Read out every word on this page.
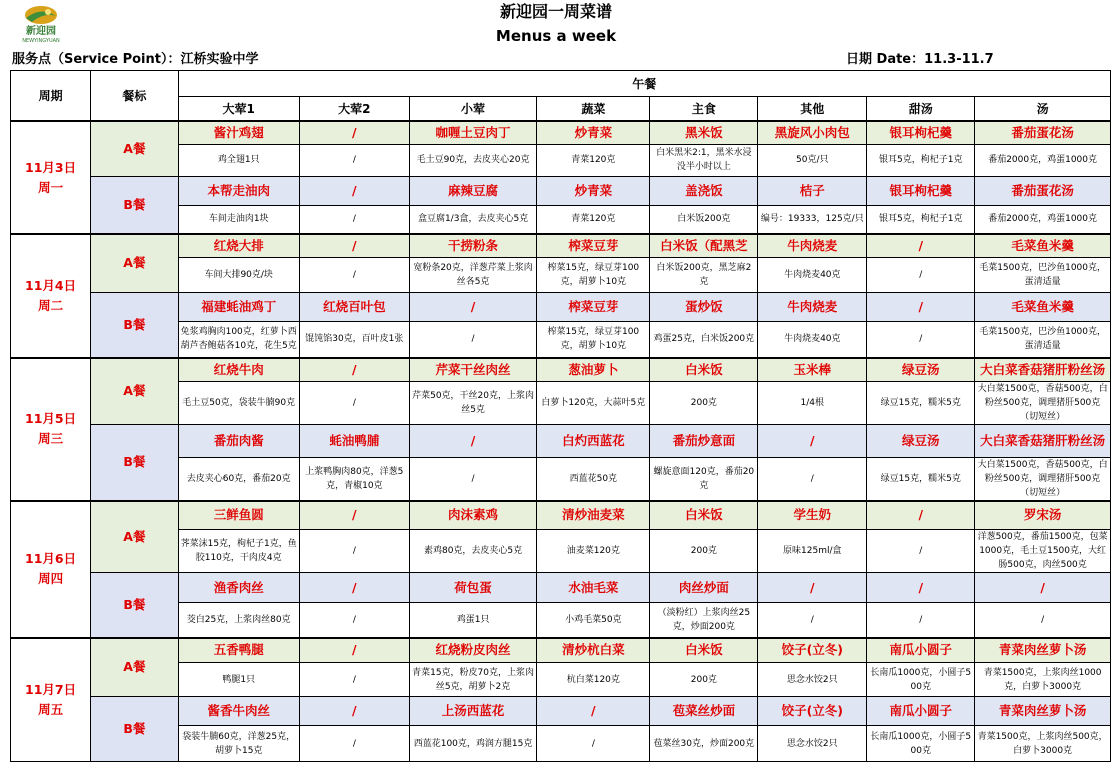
新迎园
NEWYINGYUAN
新迎园一周菜谱
Menus a week
服务点（Service Point）：江桥实验中学	日期 Date：11.3-11.7
周期	餐标	午餐							
		大荤1	大荤2	小荤	蔬菜	主食	其他	甜汤	汤

11月3日
周一	A餐	酱汁鸡翅	/	咖喱土豆肉丁	炒青菜	黑米饭	黑旋风小肉包	银耳枸杞羹	番茄蛋花汤
		鸡全翅1只	/	毛土豆90克，去皮夹心20克	青菜120克	白米黑米2:1，黑米水浸没半小时以上	50克/只	银耳5克，枸杞子1克	番茄2000克，鸡蛋1000克
	B餐	本帮走油肉	/	麻辣豆腐	炒青菜	盖浇饭	桔子	银耳枸杞羹	番茄蛋花汤
		车间走油肉1块	/	盒豆腐1/3盒，去皮夹心5克	青菜120克	白米饭200克	编号：19333，125克/只	银耳5克，枸杞子1克	番茄2000克，鸡蛋1000克

11月4日
周二	A餐	红烧大排	/	干捞粉条	榨菜豆芽	白米饭（配黑芝	牛肉烧麦	/	毛菜鱼米羹
		车间大排90克/块	/	宽粉条20克，洋葱芹菜上浆肉丝各5克	榨菜15克，绿豆芽100克，胡萝卜10克	白米饭200克，黑芝麻2克	牛肉烧麦40克	/	毛菜1500克，巴沙鱼1000克，蛋清适量
	B餐	福建蚝油鸡丁	红烧百叶包	/	榨菜豆芽	蛋炒饭	牛肉烧麦	/	毛菜鱼米羹
		免浆鸡胸肉100克，红萝卜西葫芦杏鲍菇各10克，花生5克	馄饨馅30克，百叶皮1张	/	榨菜15克，绿豆芽100克，胡萝卜10克	鸡蛋25克，白米饭200克	牛肉烧麦40克	/	毛菜1500克，巴沙鱼1000克，蛋清适量

11月5日
周三	A餐	红烧牛肉	/	芹菜干丝肉丝	葱油萝卜	白米饭	玉米棒	绿豆汤	大白菜香菇猪肝粉丝汤
		毛土豆50克，袋装牛腩90克	/	芹菜50克，干丝20克，上浆肉丝5克	白萝卜120克，大蒜叶5克	200克	1/4根	绿豆15克，糯米5克	大白菜1500克，香菇500克，白粉丝500克，调理猪肝500克（切短丝）
	B餐	番茄肉酱	蚝油鸭脯	/	白灼西蓝花	番茄炒意面	/	绿豆汤	大白菜香菇猪肝粉丝汤
		去皮夹心60克，番茄20克	上浆鸭胸肉80克，洋葱5克，青椒10克	/	西蓝花50克	螺旋意面120克，番茄20克	/	绿豆15克，糯米5克	大白菜1500克，香菇500克，白粉丝500克，调理猪肝500克（切短丝）

11月6日
周四	A餐	三鲜鱼圆	/	肉沫素鸡	清炒油麦菜	白米饭	学生奶	/	罗宋汤
		荠菜沫15克，枸杞子1克，鱼胶110克，干肉皮4克	/	素鸡80克，去皮夹心5克	油麦菜120克	200克	原味125ml/盒	/	洋葱500克，番茄1500克，包菜1000克，毛土豆1500克，大红肠500克，肉丝500克
	B餐	渔香肉丝	/	荷包蛋	水油毛菜	肉丝炒面	/	/	/
		茭白25克，上浆肉丝80克	/	鸡蛋1只	小鸡毛菜50克	（淡粉红）上浆肉丝25克，炒面200克	/	/	/

11月7日
周五	A餐	五香鸭腿	/	红烧粉皮肉丝	清炒杭白菜	白米饭	饺子(立冬)	南瓜小圆子	青菜肉丝萝卜汤
		鸭腿1只	/	青菜15克，粉皮70克，上浆肉丝5克，胡萝卜2克	杭白菜120克	200克	思念水饺2只	长南瓜1000克，小圆子500克	青菜1500克，上浆肉丝1000克，白萝卜3000克
	B餐	酱香牛肉丝	/	上汤西蓝花	/	苞菜丝炒面	饺子(立冬)	南瓜小圆子	青菜肉丝萝卜汤
		袋装牛腩60克，洋葱25克，胡萝卜15克	/	西蓝花100克，鸡润方腿15克	/	苞菜丝30克，炒面200克	思念水饺2只	长南瓜1000克，小圆子500克	青菜1500克，上浆肉丝500克，白萝卜3000克
